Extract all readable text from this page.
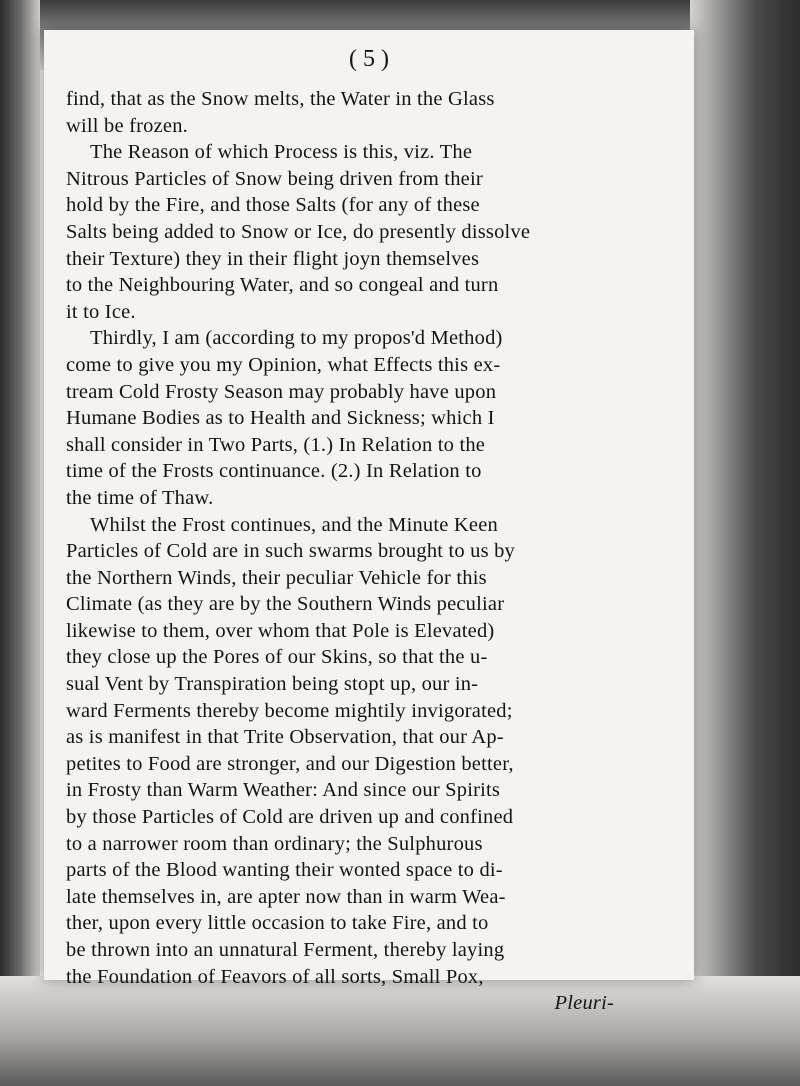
( 5 )
find, that as the Snow melts, the Water in the Glass
will be frozen.
The Reason of which Process is this, viz. The
Nitrous Particles of Snow being driven from their
hold by the Fire, and those Salts (for any of these
Salts being added to Snow or Ice, do presently dissolve
their Texture) they in their flight joyn themselves
to the Neighbouring Water, and so congeal and turn
it to Ice.
Thirdly, I am (according to my propos'd Method)
come to give you my Opinion, what Effects this ex-
tream Cold Frosty Season may probably have upon
Humane Bodies as to Health and Sickness; which I
shall consider in Two Parts, (1.) In Relation to the
time of the Frosts continuance. (2.) In Relation to
the time of Thaw.
Whilst the Frost continues, and the Minute Keen
Particles of Cold are in such swarms brought to us by
the Northern Winds, their peculiar Vehicle for this
Climate (as they are by the Southern Winds peculiar
likewise to them, over whom that Pole is Elevated)
they close up the Pores of our Skins, so that the u-
sual Vent by Transpiration being stopt up, our in-
ward Ferments thereby become mightily invigorated;
as is manifest in that Trite Observation, that our Ap-
petites to Food are stronger, and our Digestion better,
in Frosty than Warm Weather: And since our Spirits
by those Particles of Cold are driven up and confined
to a narrower room than ordinary; the Sulphurous
parts of the Blood wanting their wonted space to di-
late themselves in, are apter now than in warm Wea-
ther, upon every little occasion to take Fire, and to
be thrown into an unnatural Ferment, thereby laying
the Foundation of Feavors of all sorts, Small Pox,
Pleuri-
